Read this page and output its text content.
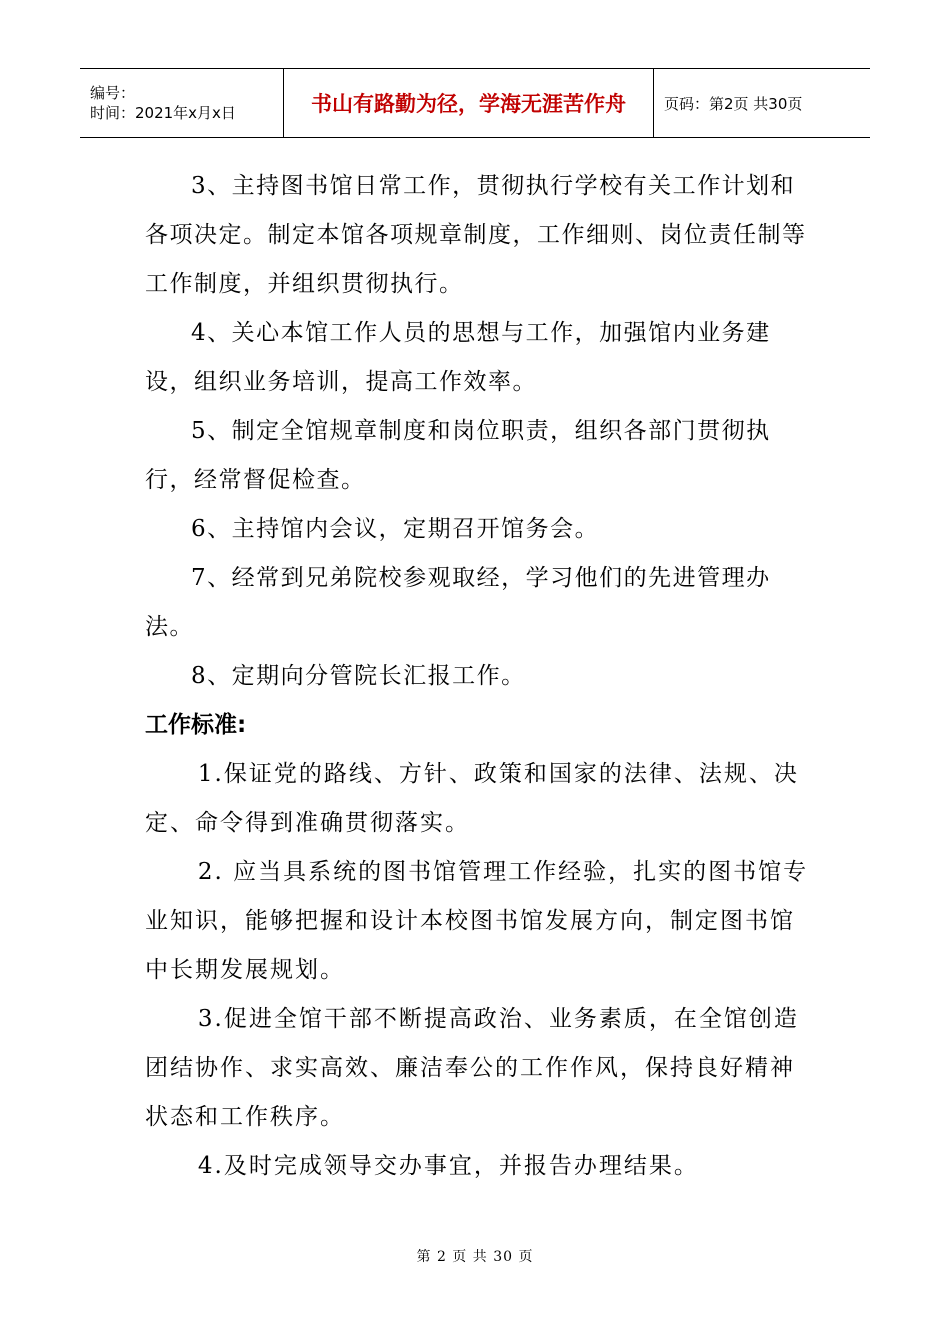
编号：
时间：2021年x月x日	书山有路勤为径，学海无涯苦作舟	页码：第2页 共30页

3、主持图书馆日常工作，贯彻执行学校有关工作计划和各项决定。制定本馆各项规章制度，工作细则、岗位责任制等工作制度，并组织贯彻执行。

4、关心本馆工作人员的思想与工作，加强馆内业务建设，组织业务培训，提高工作效率。

5、制定全馆规章制度和岗位职责，组织各部门贯彻执行，经常督促检查。

6、主持馆内会议，定期召开馆务会。

7、经常到兄弟院校参观取经，学习他们的先进管理办法。

8、定期向分管院长汇报工作。

工作标准:

1.保证党的路线、方针、政策和国家的法律、法规、决定、命令得到准确贯彻落实。

2. 应当具系统的图书馆管理工作经验，扎实的图书馆专业知识，能够把握和设计本校图书馆发展方向，制定图书馆中长期发展规划。

3.促进全馆干部不断提高政治、业务素质，在全馆创造团结协作、求实高效、廉洁奉公的工作作风，保持良好精神状态和工作秩序。

4.及时完成领导交办事宜，并报告办理结果。

第 2 页 共 30 页
